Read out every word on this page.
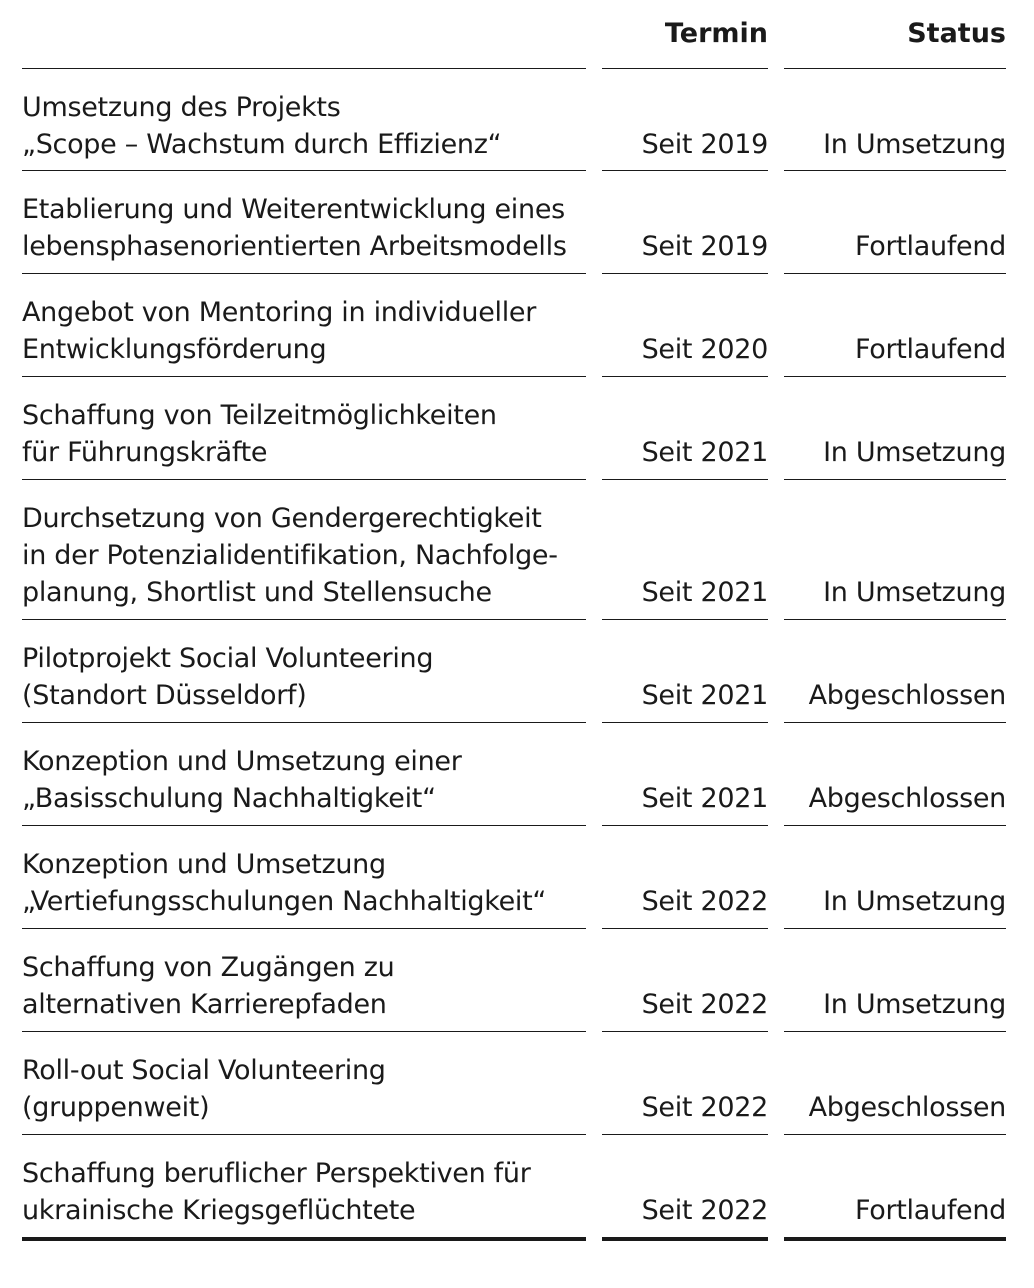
Termin	Status
Umsetzung des Projekts
„Scope – Wachstum durch Effizienz“	Seit 2019	In Umsetzung
Etablierung und Weiterentwicklung eines
lebensphasenorientierten Arbeitsmodells	Seit 2019	Fortlaufend
Angebot von Mentoring in individueller
Entwicklungsförderung	Seit 2020	Fortlaufend
Schaffung von Teilzeitmöglichkeiten
für Führungskräfte	Seit 2021	In Umsetzung
Durchsetzung von Gendergerechtigkeit
in der Potenzialidentifikation, Nachfolge-
planung, Shortlist und Stellensuche	Seit 2021	In Umsetzung
Pilotprojekt Social Volunteering
(Standort Düsseldorf)	Seit 2021	Abgeschlossen
Konzeption und Umsetzung einer
„Basisschulung Nachhaltigkeit“	Seit 2021	Abgeschlossen
Konzeption und Umsetzung
„Vertiefungsschulungen Nachhaltigkeit“	Seit 2022	In Umsetzung
Schaffung von Zugängen zu
alternativen Karrierepfaden	Seit 2022	In Umsetzung
Roll-out Social Volunteering
(gruppenweit)	Seit 2022	Abgeschlossen
Schaffung beruflicher Perspektiven für
ukrainische Kriegsgeflüchtete	Seit 2022	Fortlaufend
